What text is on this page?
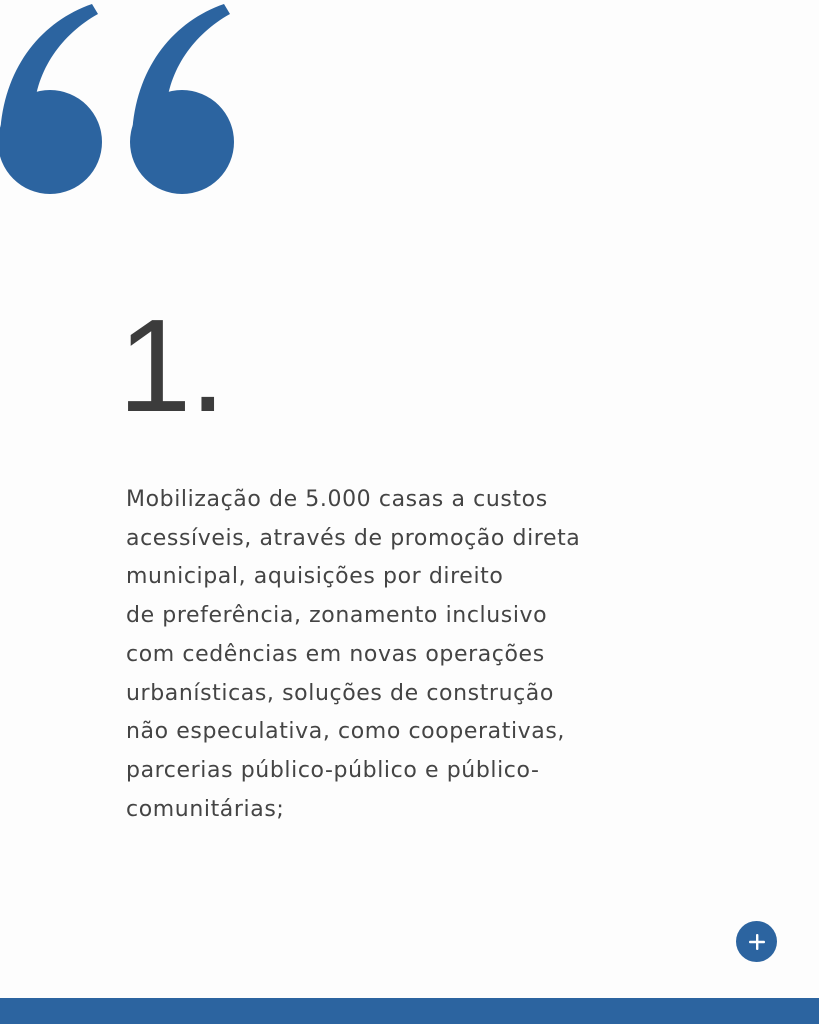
1.

Mobilização de 5.000 casas a custos
acessíveis, através de promoção direta
municipal, aquisições por direito
de preferência, zonamento inclusivo
com cedências em novas operações
urbanísticas, soluções de construção
não especulativa, como cooperativas,
parcerias público-público e público-
comunitárias;
